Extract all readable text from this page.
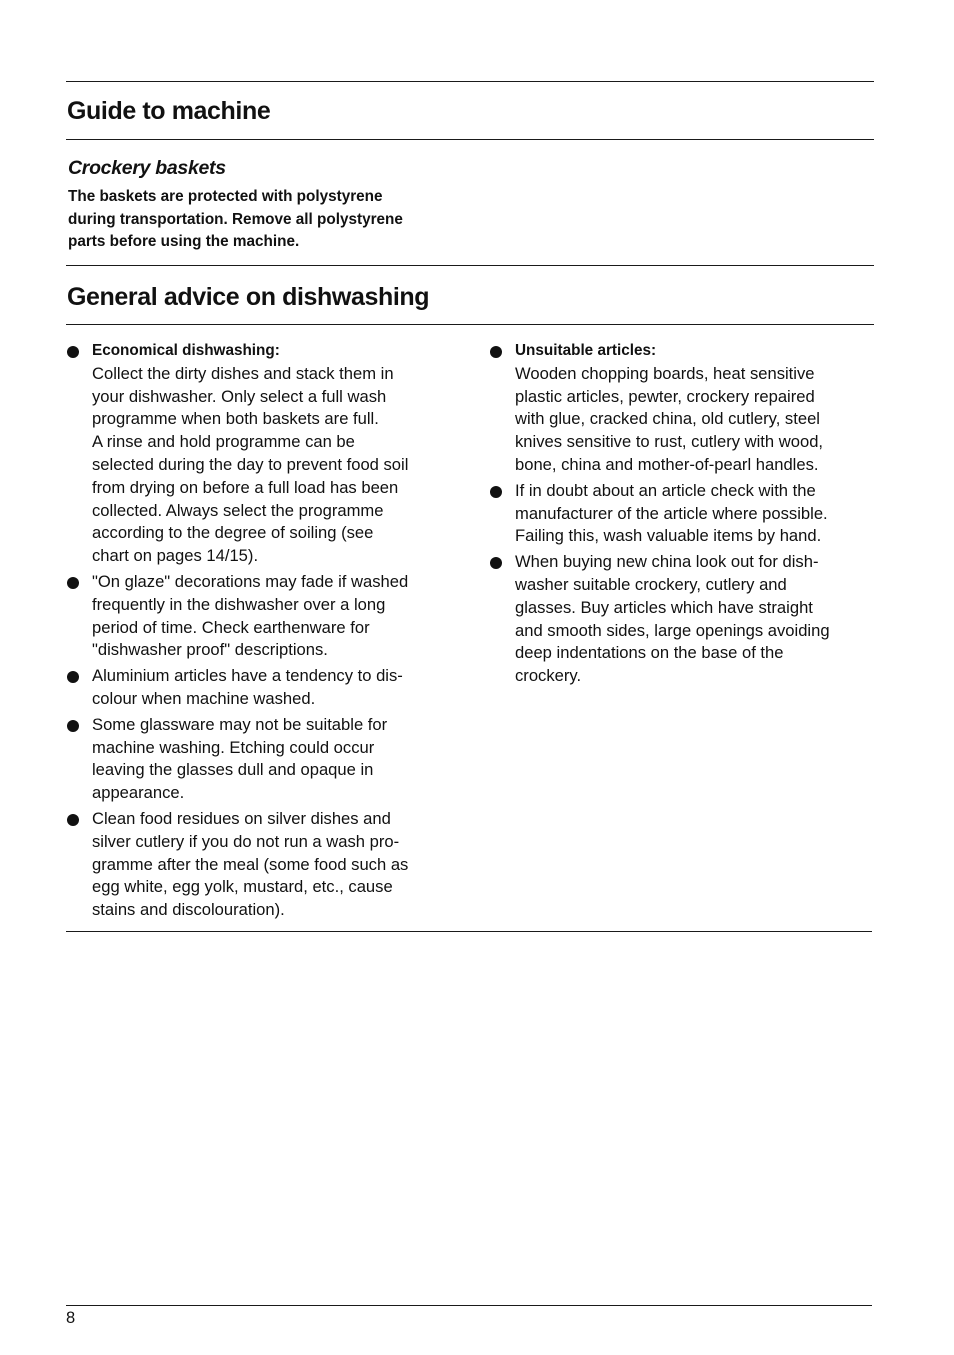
Guide to machine
Crockery baskets

The baskets are protected with polystyrene
during transportation. Remove all polystyrene
parts before using the machine.

General advice on dishwashing
Economical dishwashing:
Collect the dirty dishes and stack them in
your dishwasher. Only select a full wash
programme when both baskets are full.
A rinse and hold programme can be
selected during the day to prevent food soil
from drying on before a full load has been
collected. Always select the programme
according to the degree of soiling (see
chart on pages 14/15).
"On glaze" decorations may fade if washed
frequently in the dishwasher over a long
period of time. Check earthenware for
"dishwasher proof" descriptions.
Aluminium articles have a tendency to dis-
colour when machine washed.
Some glassware may not be suitable for
machine washing. Etching could occur
leaving the glasses dull and opaque in
appearance.
Clean food residues on silver dishes and
silver cutlery if you do not run a wash pro-
gramme after the meal (some food such as
egg white, egg yolk, mustard, etc., cause
stains and discolouration).
Unsuitable articles:
Wooden chopping boards, heat sensitive
plastic articles, pewter, crockery repaired
with glue, cracked china, old cutlery, steel
knives sensitive to rust, cutlery with wood,
bone, china and mother-of-pearl handles.
If in doubt about an article check with the
manufacturer of the article where possible.
Failing this, wash valuable items by hand.
When buying new china look out for dish-
washer suitable crockery, cutlery and
glasses. Buy articles which have straight
and smooth sides, large openings avoiding
deep indentations on the base of the
crockery.
8
